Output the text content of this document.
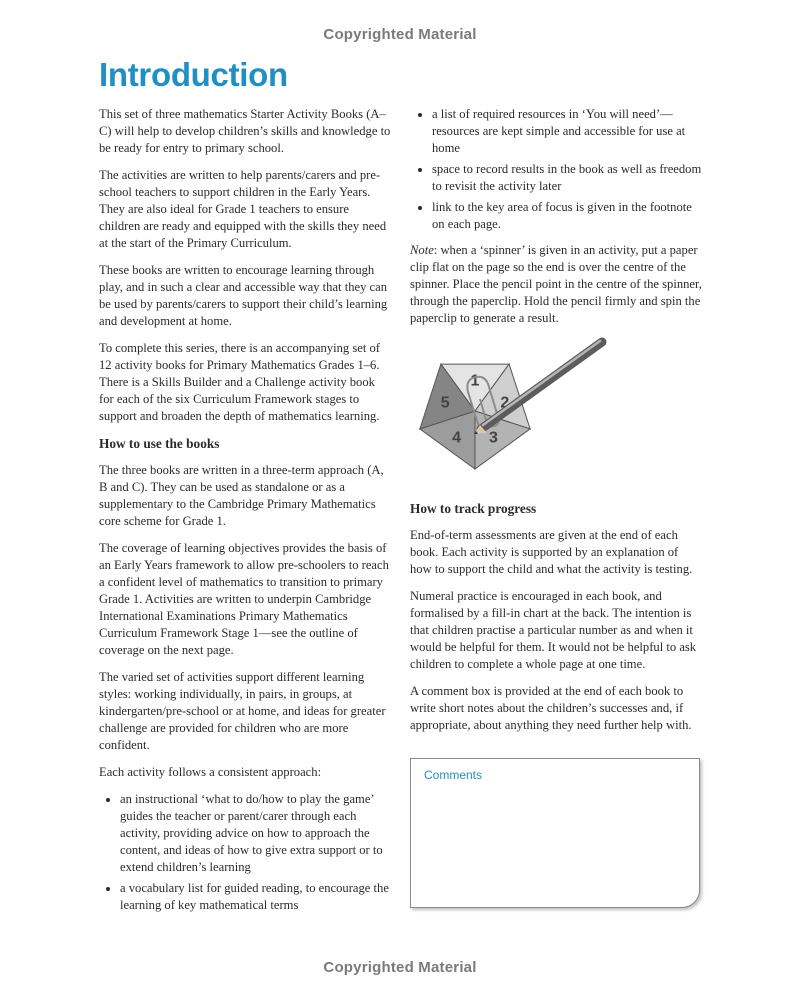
Copyrighted Material
Introduction

This set of three mathematics Starter Activity Books (A–C) will help to develop children’s skills and knowledge to be ready for entry to primary school.

The activities are written to help parents/carers and pre-school teachers to support children in the Early Years. They are also ideal for Grade 1 teachers to ensure children are ready and equipped with the skills they need at the start of the Primary Curriculum.

These books are written to encourage learning through play, and in such a clear and accessible way that they can be used by parents/carers to support their child’s learning and development at home.

To complete this series, there is an accompanying set of 12 activity books for Primary Mathematics Grades 1–6. There is a Skills Builder and a Challenge activity book for each of the six Curriculum Framework stages to support and broaden the depth of mathematics learning.

How to use the books

The three books are written in a three-term approach (A, B and C). They can be used as standalone or as a supplementary to the Cambridge Primary Mathematics core scheme for Grade 1.

The coverage of learning objectives provides the basis of an Early Years framework to allow pre-schoolers to reach a confident level of mathematics to transition to primary Grade 1. Activities are written to underpin Cambridge International Examinations Primary Mathematics Curriculum Framework Stage 1—see the outline of coverage on the next page.

The varied set of activities support different learning styles: working individually, in pairs, in groups, at kindergarten/pre-school or at home, and ideas for greater challenge are provided for children who are more confident.

Each activity follows a consistent approach:

• an instructional ‘what to do/how to play the game’ guides the teacher or parent/carer through each activity, providing advice on how to approach the content, and ideas of how to give extra support or to extend children’s learning
• a vocabulary list for guided reading, to encourage the learning of key mathematical terms
• a list of required resources in ‘You will need’—resources are kept simple and accessible for use at home
• space to record results in the book as well as freedom to revisit the activity later
• link to the key area of focus is given in the footnote on each page.

Note: when a ‘spinner’ is given in an activity, put a paper clip flat on the page so the end is over the centre of the spinner. Place the pencil point in the centre of the spinner, through the paperclip. Hold the pencil firmly and spin the paperclip to generate a result.

1
2
3
4
5
How to track progress

End-of-term assessments are given at the end of each book. Each activity is supported by an explanation of how to support the child and what the activity is testing.

Numeral practice is encouraged in each book, and formalised by a fill-in chart at the back. The intention is that children practise a particular number as and when it would be helpful for them. It would not be helpful to ask children to complete a whole page at one time.

A comment box is provided at the end of each book to write short notes about the children’s successes and, if appropriate, about anything they need further help with.

Comments
Copyrighted Material
